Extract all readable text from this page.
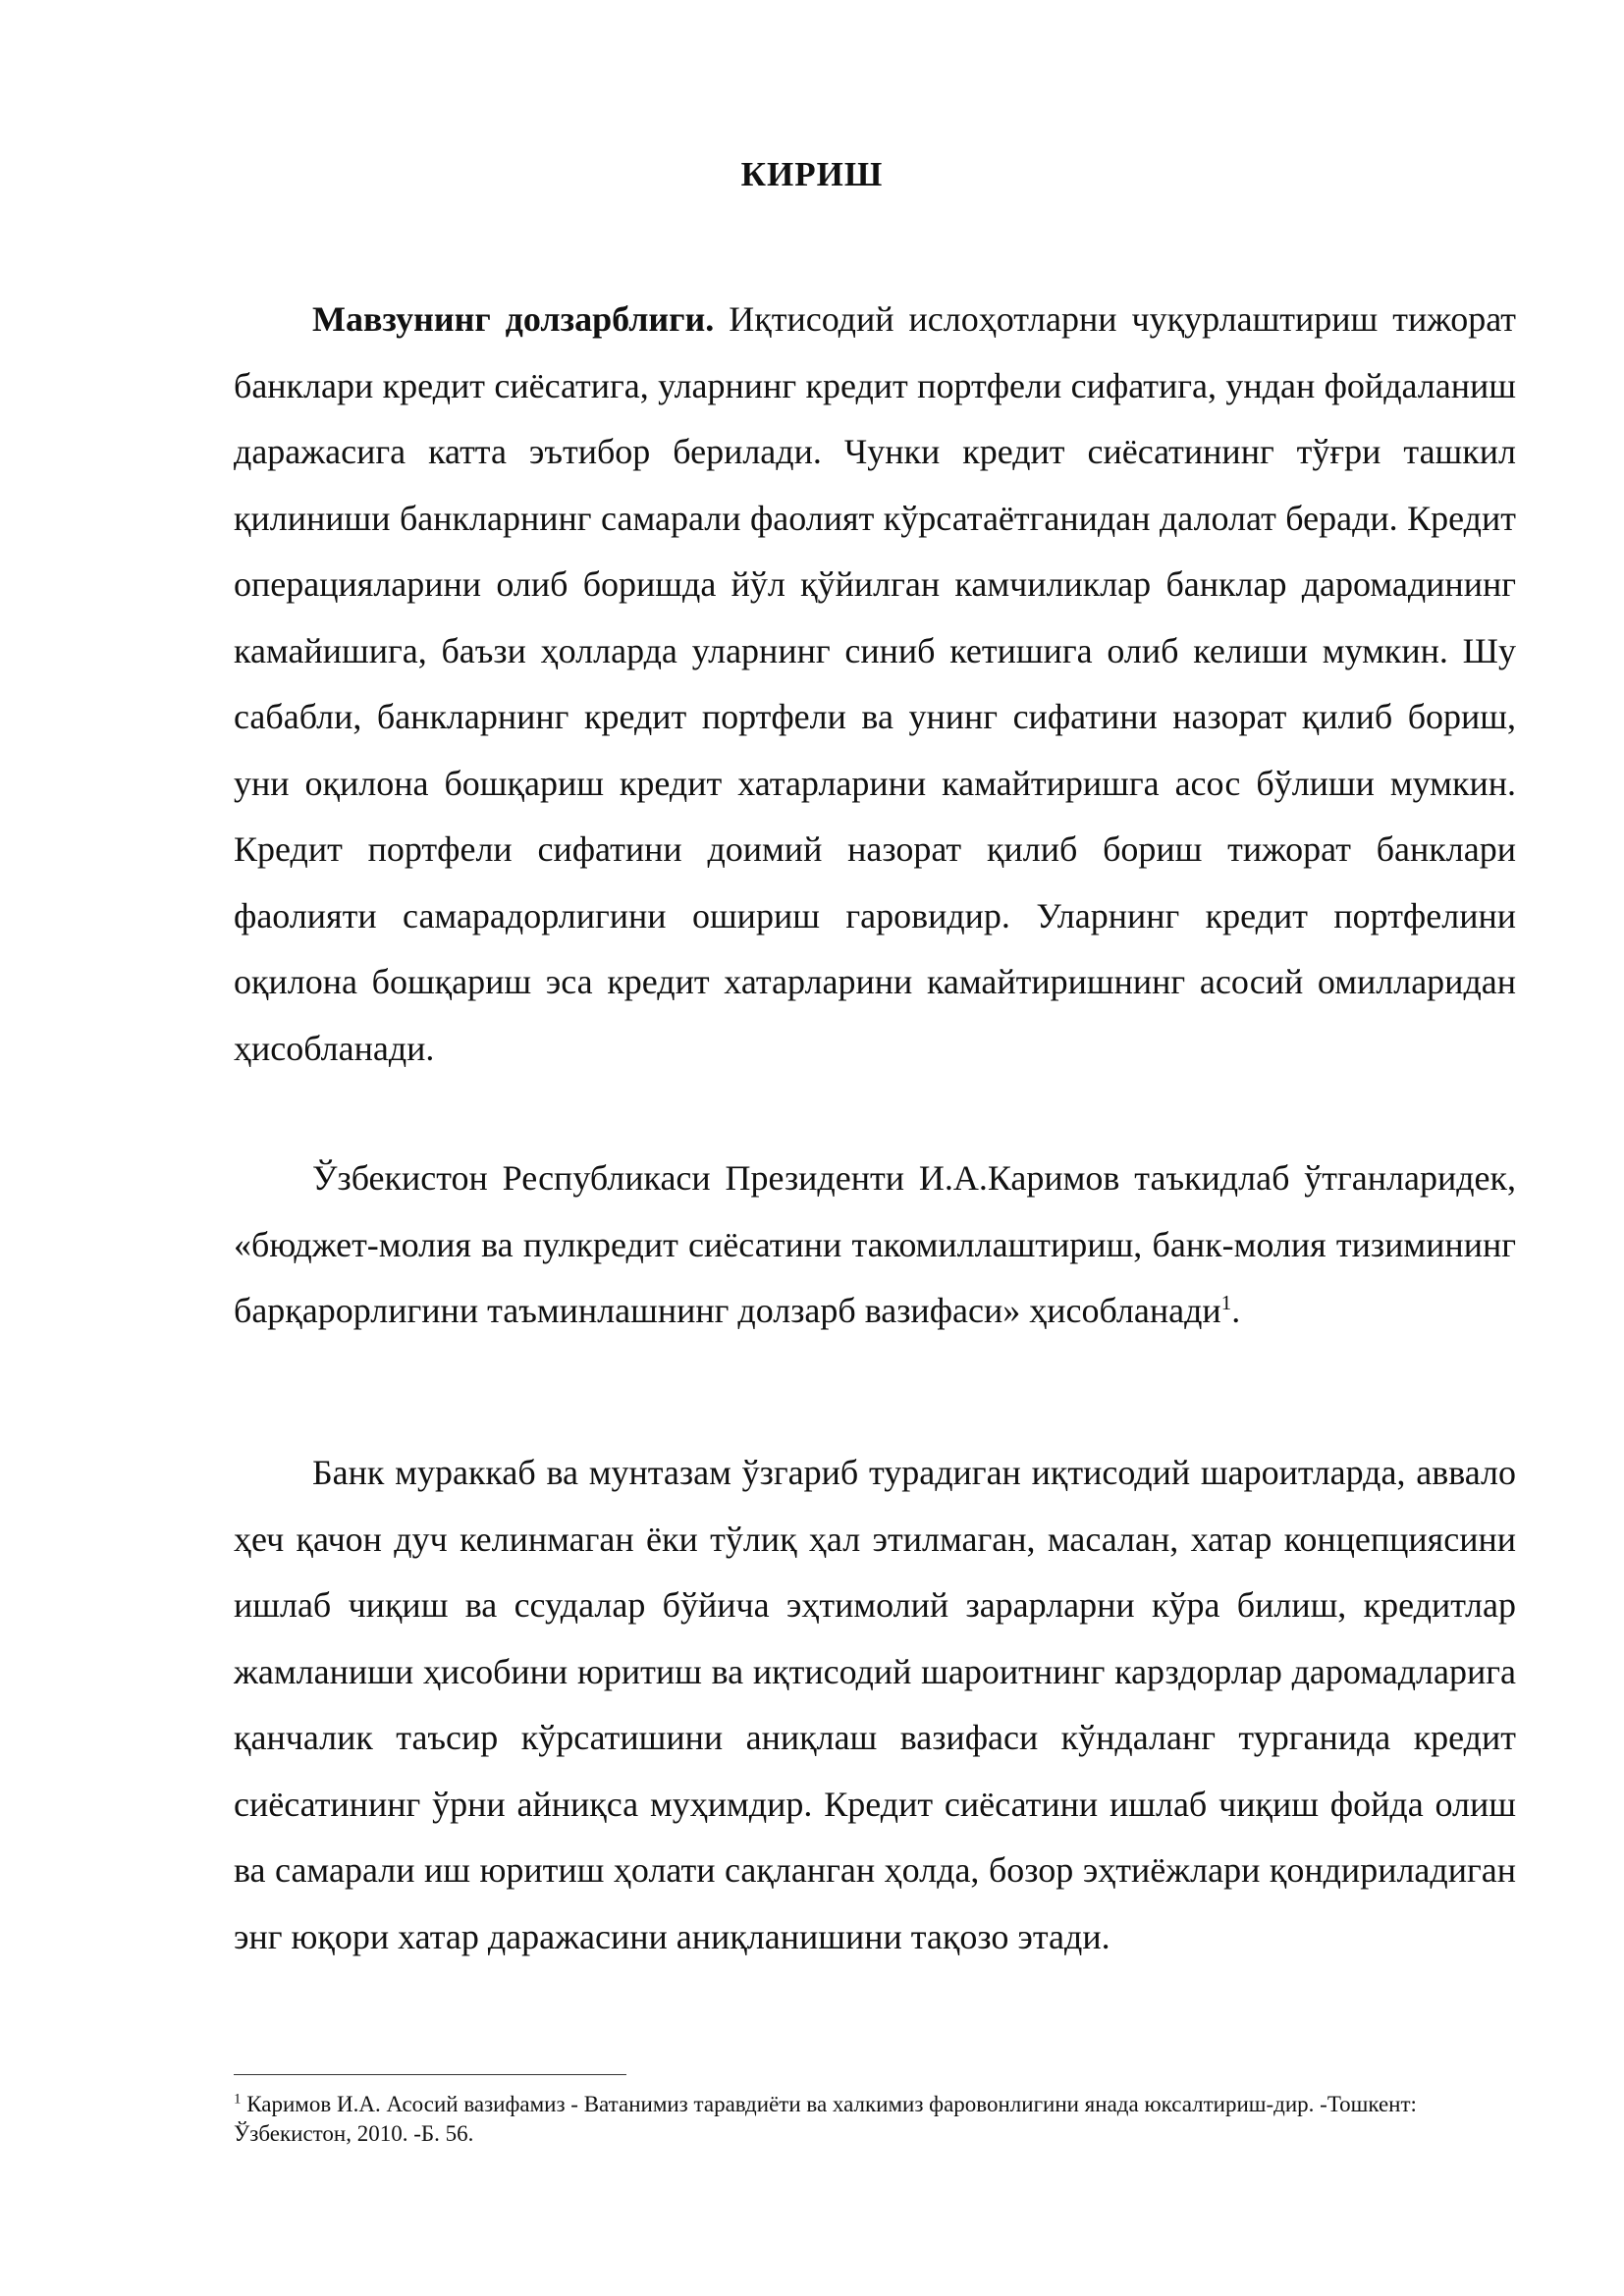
КИРИШ

Мавзунинг долзарблиги. Иқтисодий ислоҳотларни чуқурлаштириш тижорат банклари кредит сиёсатига, уларнинг кредит портфели сифатига, ундан фойдаланиш даражасига катта эътибор берилади. Чунки кредит сиёсатининг тўғри ташкил қилиниши банкларнинг самарали фаолият кўрсатаётганидан далолат беради. Кредит операцияларини олиб боришда йўл қўйилган камчиликлар банклар даромадининг камайишига, баъзи ҳолларда уларнинг синиб кетишига олиб келиши мумкин. Шу сабабли, банкларнинг кредит портфели ва унинг сифатини назорат қилиб бориш, уни оқилона бошқариш кредит хатарларини камайтиришга асос бўлиши мумкин. Кредит портфели сифатини доимий назорат қилиб бориш тижорат банклари фаолияти самарадорлигини ошириш гаровидир. Уларнинг кредит портфелини оқилона бошқариш эса кредит хатарларини камайтиришнинг асосий омилларидан ҳисобланади.

Ўзбекистон Республикаси Президенти И.А.Каримов таъкидлаб ўтганларидек, «бюджет-молия ва пулкредит сиёсатини такомиллаштириш, банк-молия тизимининг барқарорлигини таъминлашнинг долзарб вазифаси» ҳисобланади$^1$.

Банк мураккаб ва мунтазам ўзгариб турадиган иқтисодий шароитларда, аввало ҳеч қачон дуч келинмаган ёки тўлиқ ҳал этилмаган, масалан, хатар концепциясини ишлаб чиқиш ва ссудалар бўйича эҳтимолий зарарларни кўра билиш, кредитлар жамланиши ҳисобини юритиш ва иқтисодий шароитнинг карздорлар даромадларига қанчалик таъсир кўрсатишини аниқлаш вазифаси кўндаланг турганида кредит сиёсатининг ўрни айниқса муҳимдир. Кредит сиёсатини ишлаб чиқиш фойда олиш ва самарали иш юритиш ҳолати сақланган ҳолда, бозор эҳтиёжлари қондириладиган энг юқори хатар даражасини аниқланишини тақозо этади.

$^1$ Каримов И.А. Асосий вазифамиз - Ватанимиз таравдиёти ва халкимиз фаровонлигини янада юксалтириш-дир. -Тошкент: Ўзбекистон, 2010. -Б. 56.
